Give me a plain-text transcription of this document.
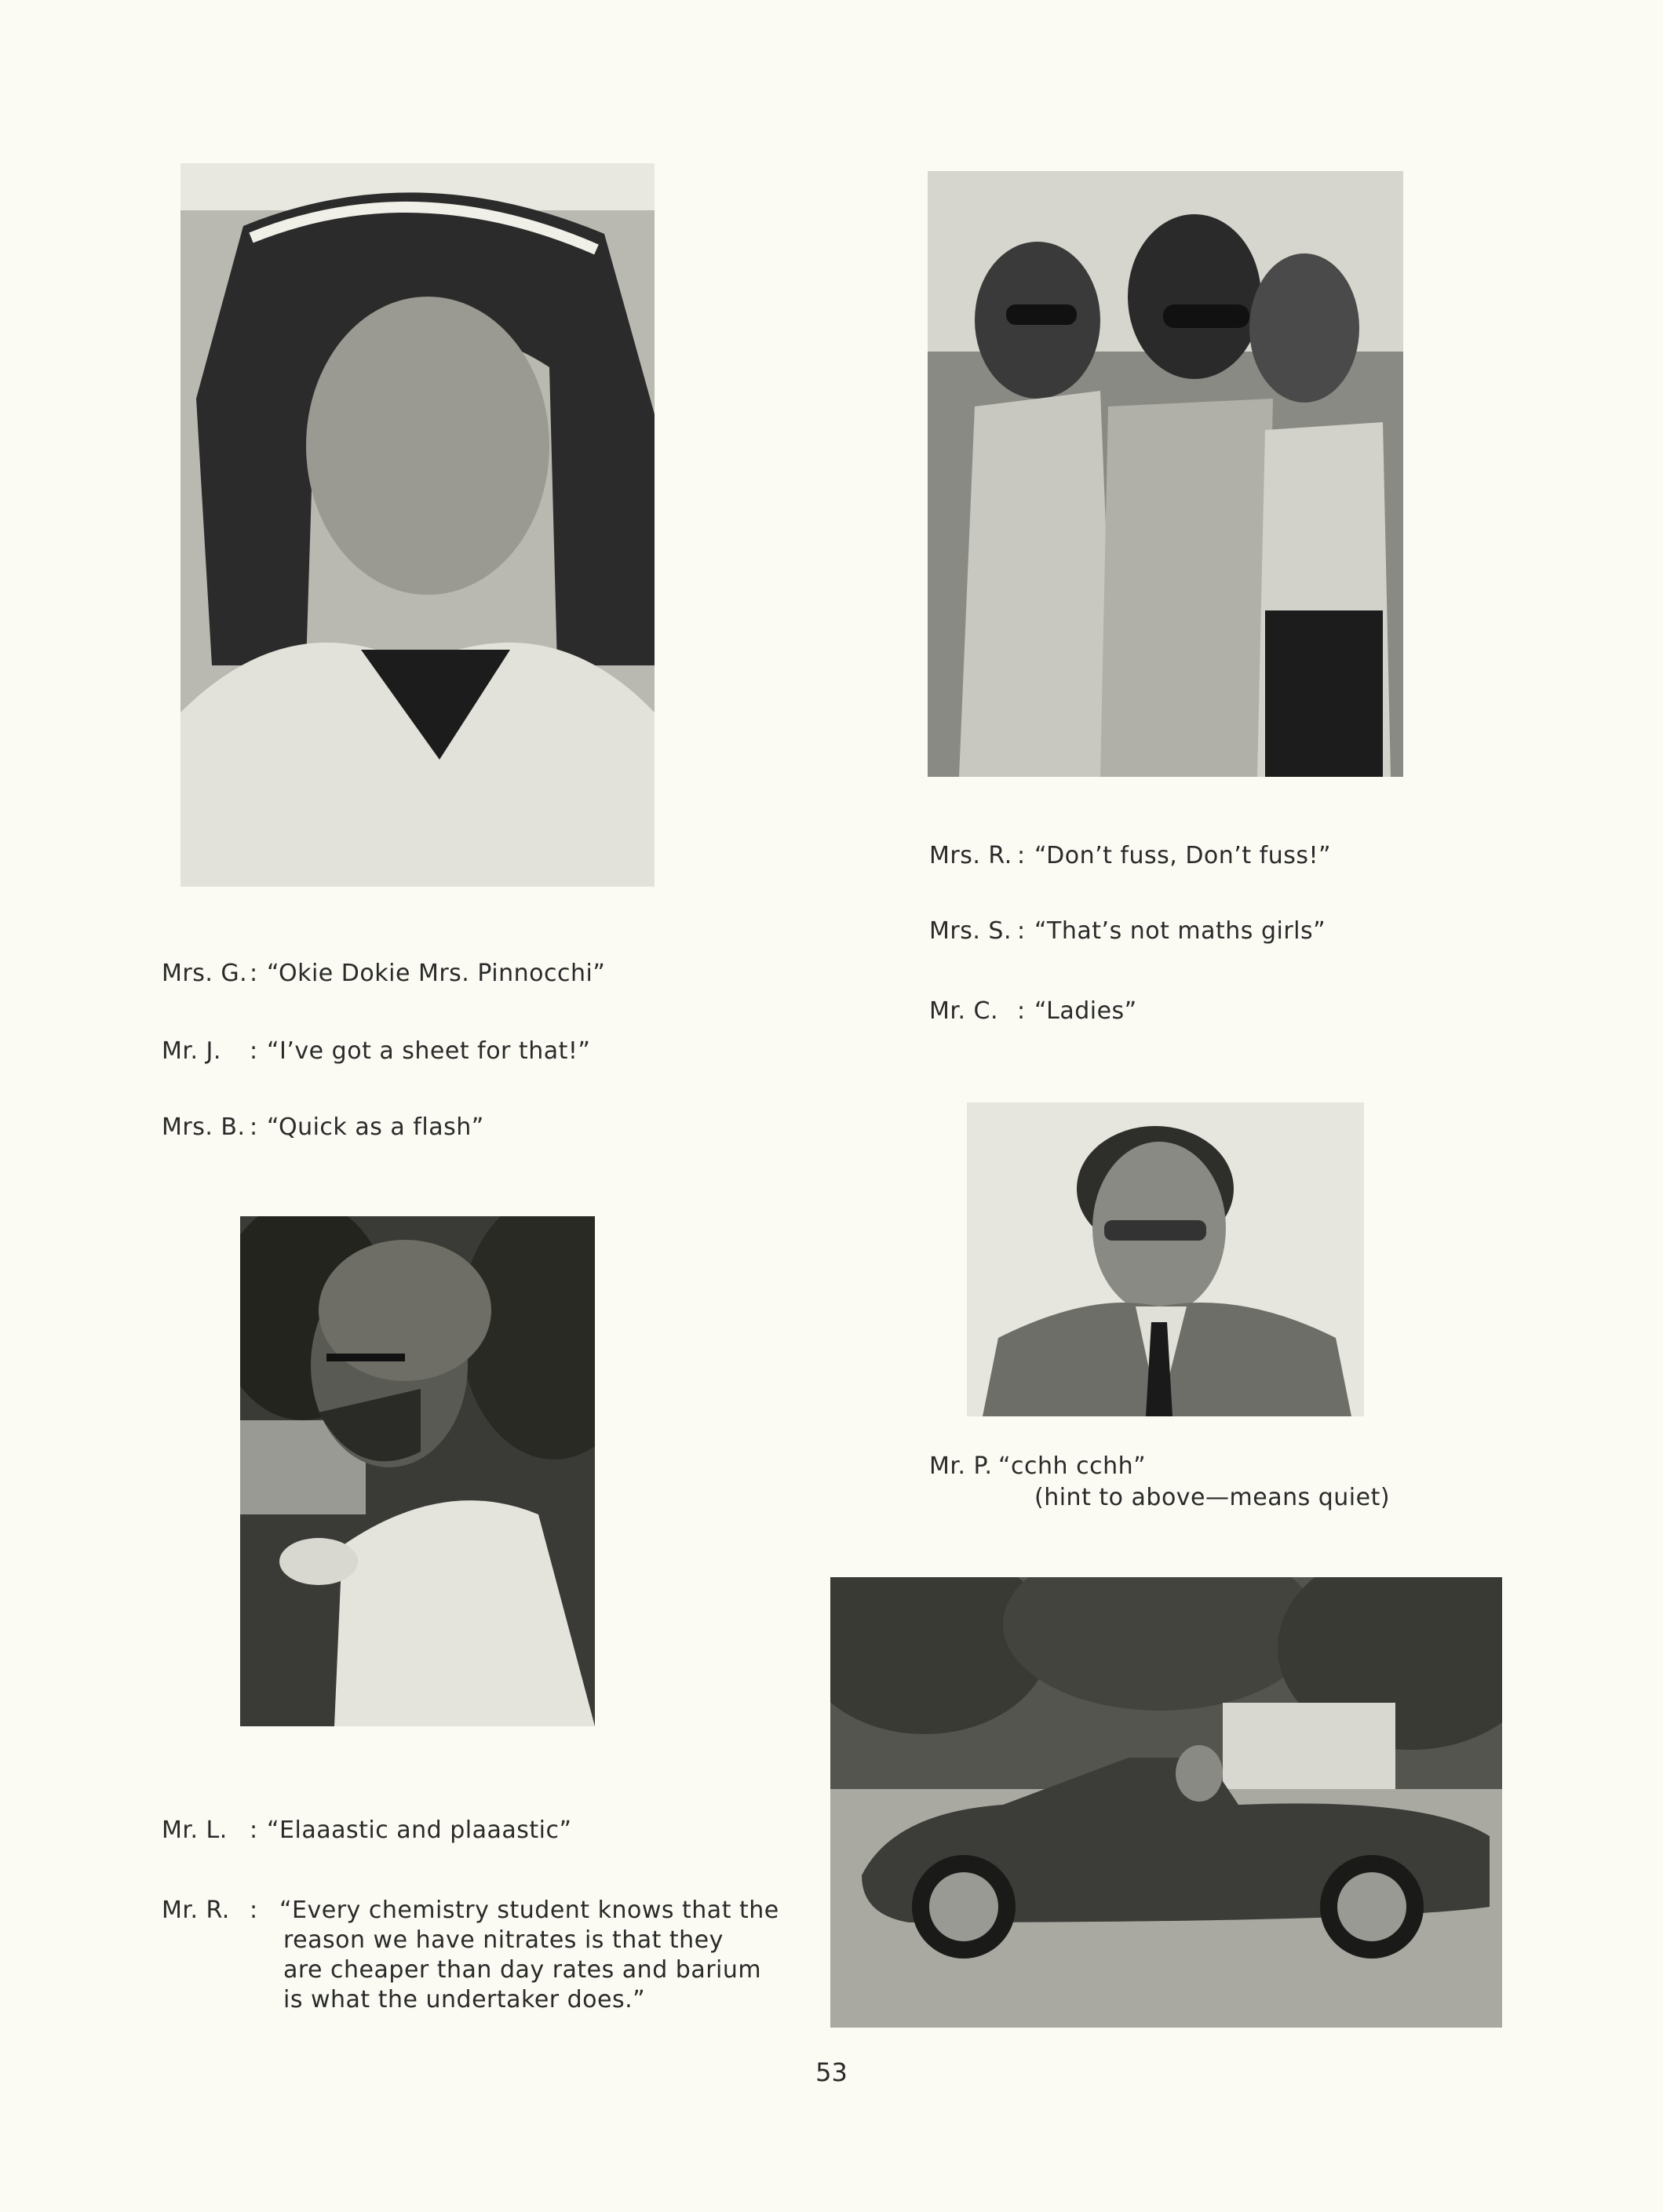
Mrs. G.: “Okie Dokie Mrs. Pinnocchi”
Mr. J. : “I’ve got a sheet for that!”
Mrs. B. : “Quick as a flash”
Mrs. R. : “Don’t fuss, Don’t fuss!”
Mrs. S. : “That’s not maths girls”
Mr. C. : “Ladies”
Mr. P. “cchh cchh”
(hint to above—means quiet)
Mr. L. : “Elaaastic and plaaastic”
Mr. R. : “Every chemistry student knows that the
reason we have nitrates is that they
are cheaper than day rates and barium
is what the undertaker does.”
53
